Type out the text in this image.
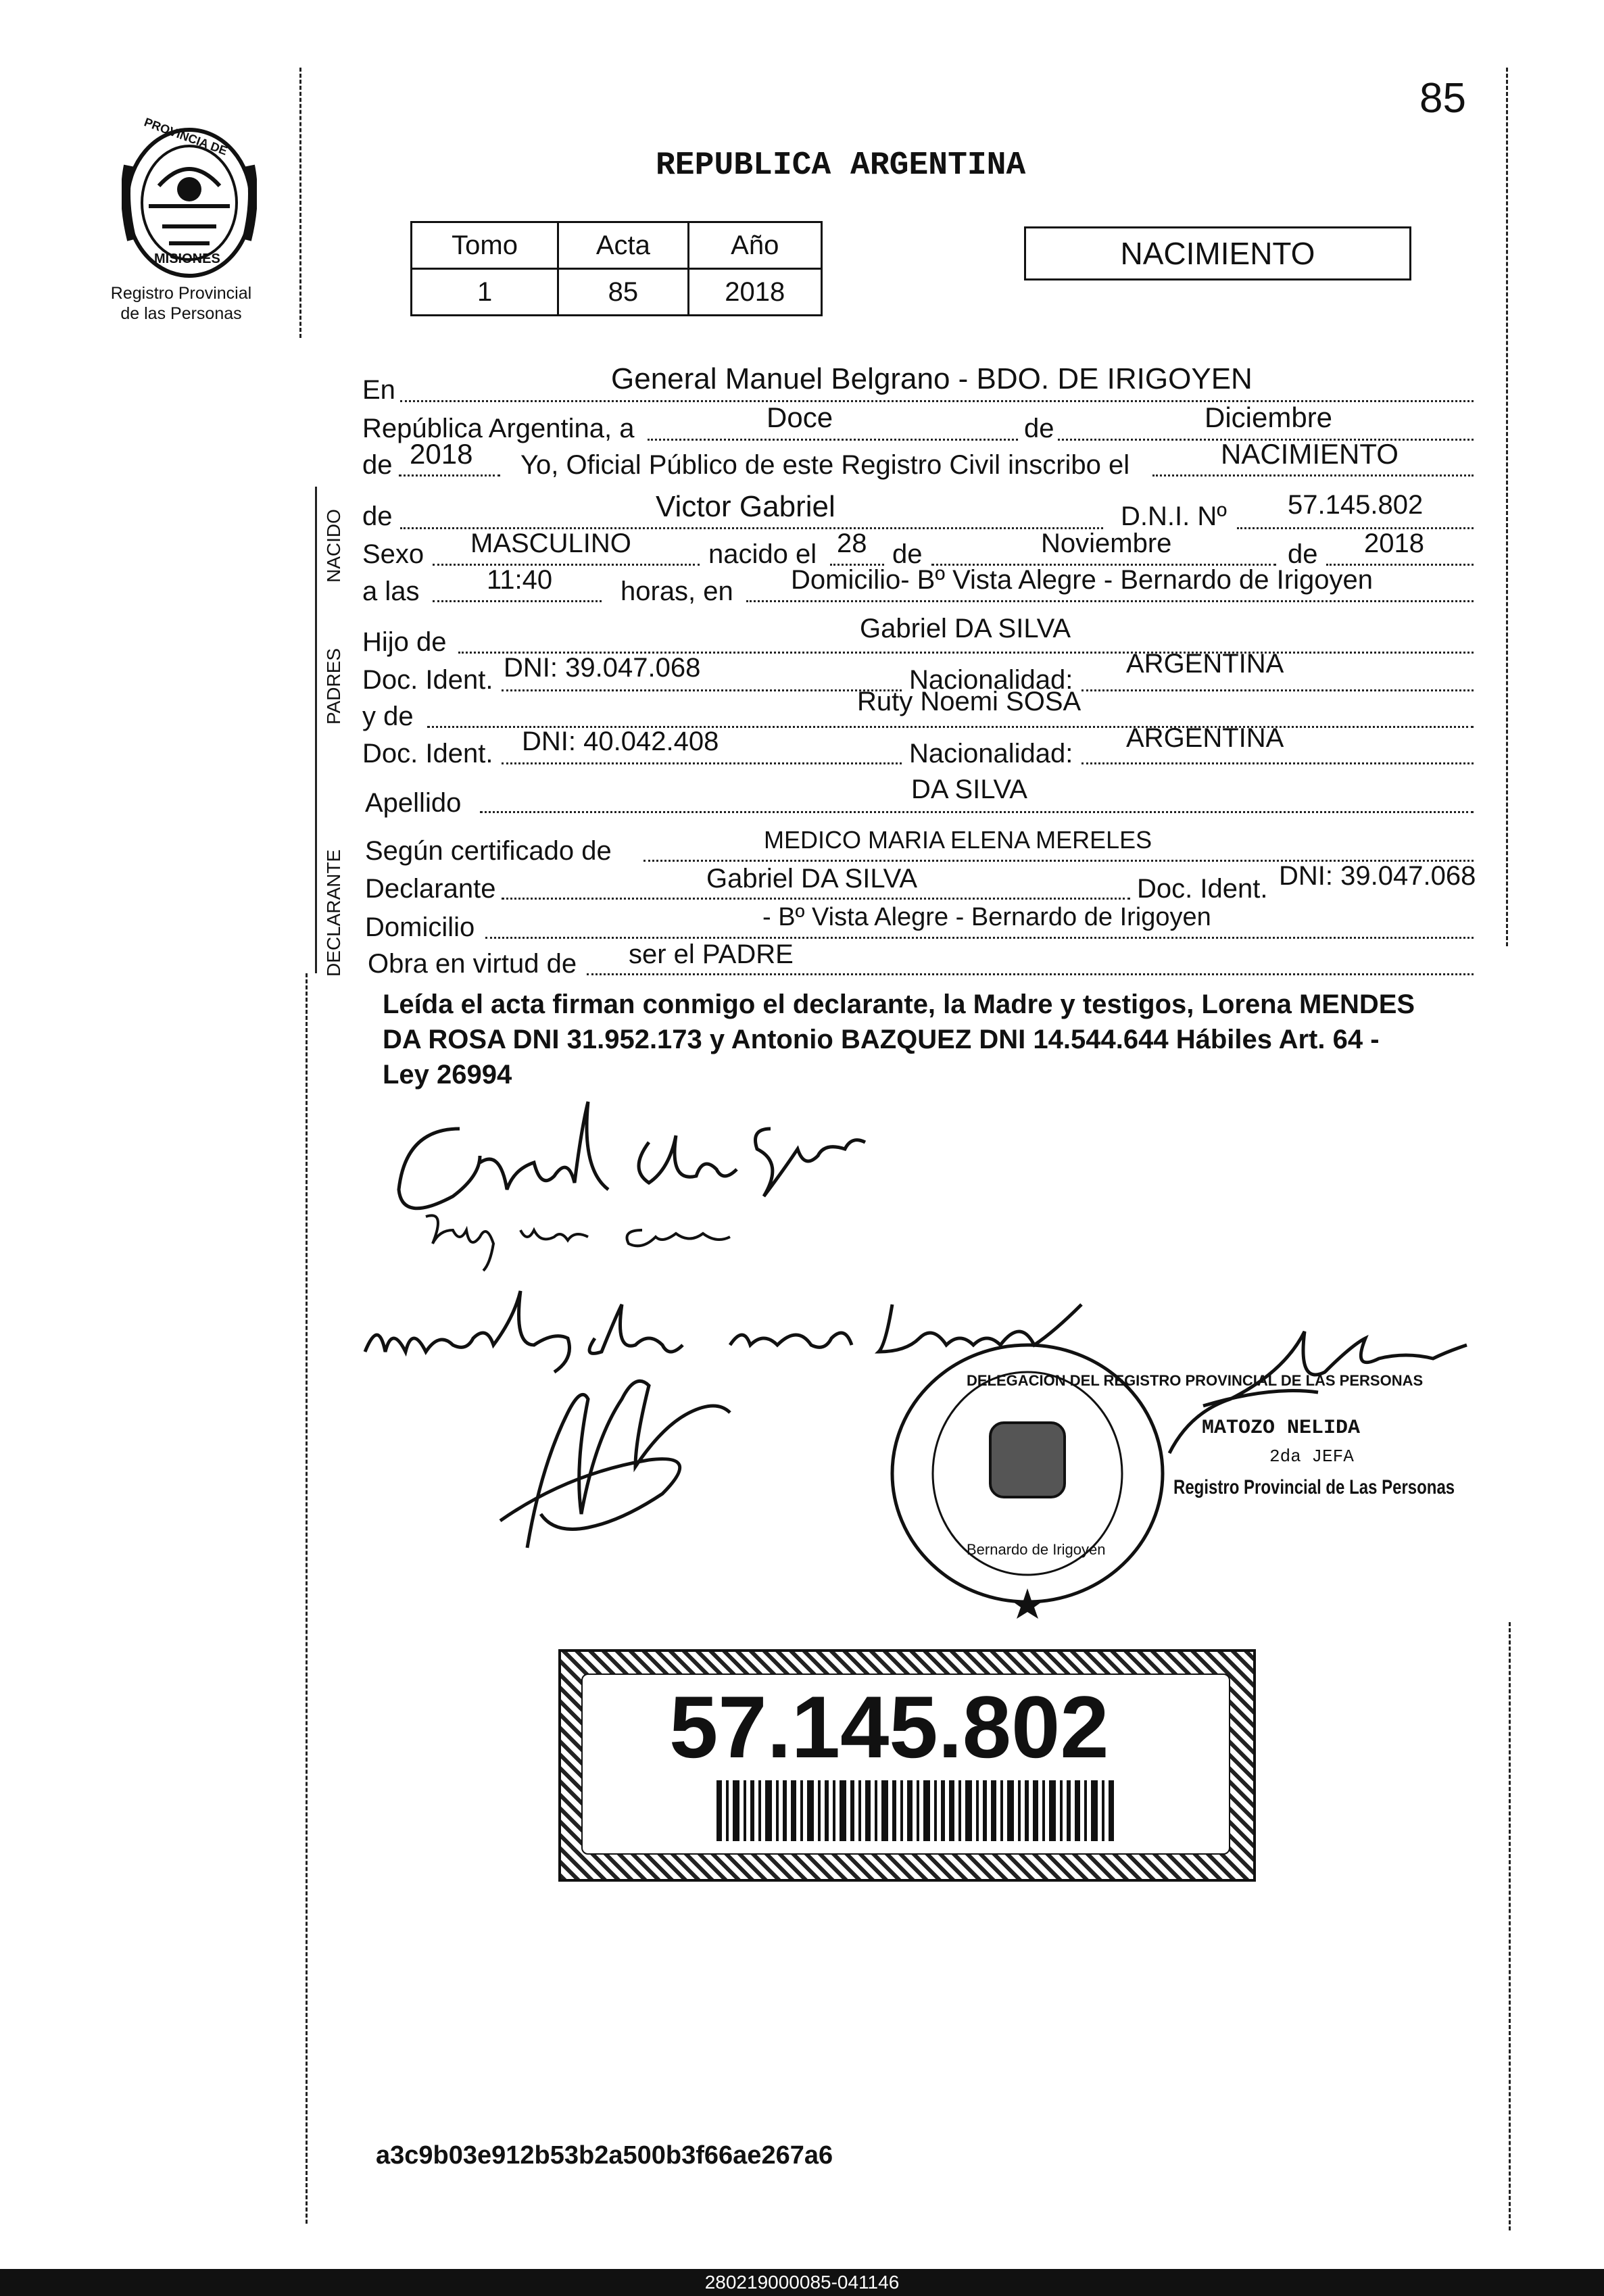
85
PROVINCIA DE
MISIONES
Registro Provincial
de las Personas
REPUBLICA ARGENTINA
Tomo	Acta	Año
1	85	2018
NACIMIENTO
NACIDO
PADRES
DECLARANTE
En	General Manuel Belgrano - BDO. DE IRIGOYEN
República Argentina, a	Doce	de	Diciembre
de 2018 Yo, Oficial Público de este Registro Civil inscribo el	NACIMIENTO
de	Victor Gabriel	D.N.I. Nº 57.145.802
Sexo MASCULINO	nacido el 28 de	Noviembre	de 2018
a las 11:40	horas, en Domicilio- Bº Vista Alegre - Bernardo de Irigoyen
Hijo de	Gabriel DA SILVA
Doc. Ident. DNI: 39.047.068	Nacionalidad:
ARGENTINA
y de	Ruty Noemi SOSA
Doc. Ident. DNI: 40.042.408	Nacionalidad:
ARGENTINA
Apellido	DA SILVA
Según certificado de	MEDICO MARIA ELENA MERELES
Declarante	Gabriel DA SILVA	Doc. Ident. DNI: 39.047.068
Domicilio	- Bº Vista Alegre - Bernardo de Irigoyen
Obra en virtud de ser el PADRE
Leída el acta firman conmigo el declarante, la Madre y testigos, Lorena MENDES
DA ROSA DNI 31.952.173 y Antonio BAZQUEZ DNI 14.544.644 Hábiles Art. 64 -
Ley 26994
DELEGACION DEL REGISTRO PROVINCIAL DE LAS PERSONAS
Bernardo de Irigoyen
MATOZO NELIDA
2da JEFA
Registro Provincial de Las Personas
57.145.802
a3c9b03e912b53b2a500b3f66ae267a6
280219000085-041146
